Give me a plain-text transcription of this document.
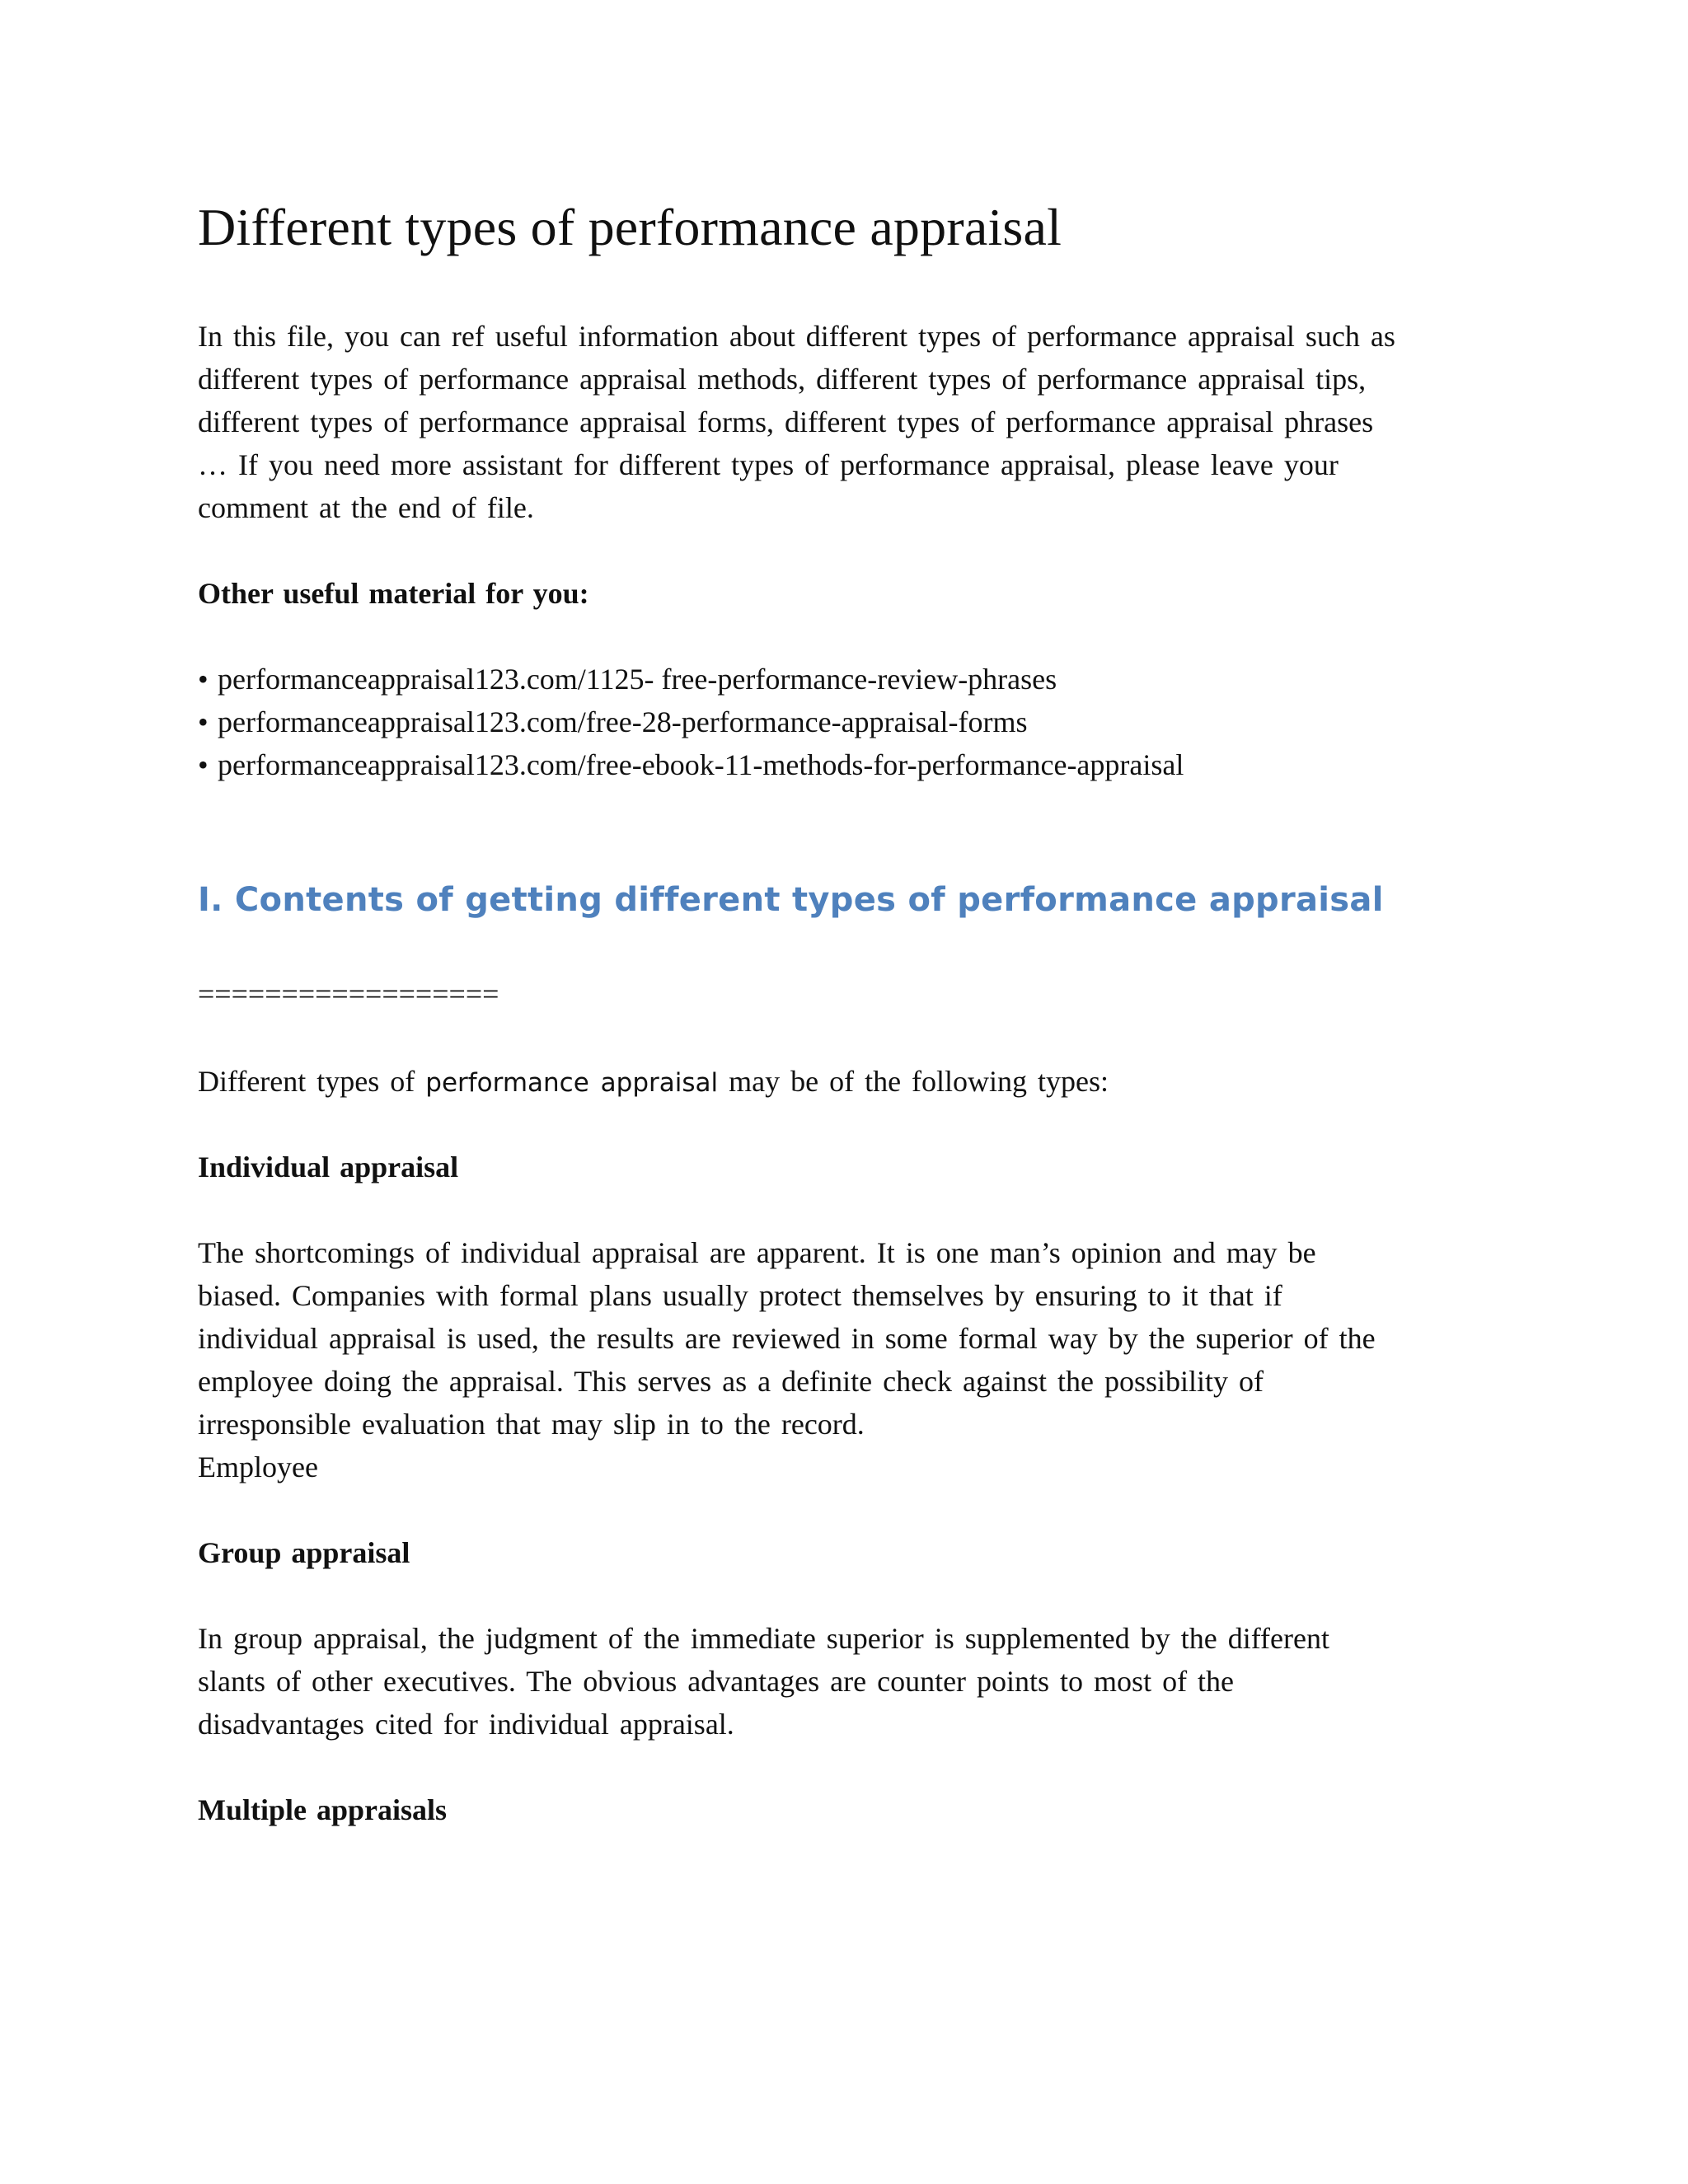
Different types of performance appraisal
In this file, you can ref useful information about different types of performance appraisal such as
different types of performance appraisal methods, different types of performance appraisal tips,
different types of performance appraisal forms, different types of performance appraisal phrases
… If you need more assistant for different types of performance appraisal, please leave your
comment at the end of file.
Other useful material for you:
• performanceappraisal123.com/1125- free-performance-review-phrases
• performanceappraisal123.com/free-28-performance-appraisal-forms
• performanceappraisal123.com/free-ebook-11-methods-for-performance-appraisal
I. Contents of getting different types of performance appraisal
==================
Different types of performance appraisal may be of the following types:
Individual appraisal
The shortcomings of individual appraisal are apparent. It is one man’s opinion and may be
biased. Companies with formal plans usually protect themselves by ensuring to it that if
individual appraisal is used, the results are reviewed in some formal way by the superior of the
employee doing the appraisal. This serves as a definite check against the possibility of
irresponsible evaluation that may slip in to the record.
Employee
Group appraisal
In group appraisal, the judgment of the immediate superior is supplemented by the different
slants of other executives. The obvious advantages are counter points to most of the
disadvantages cited for individual appraisal.
Multiple appraisals
